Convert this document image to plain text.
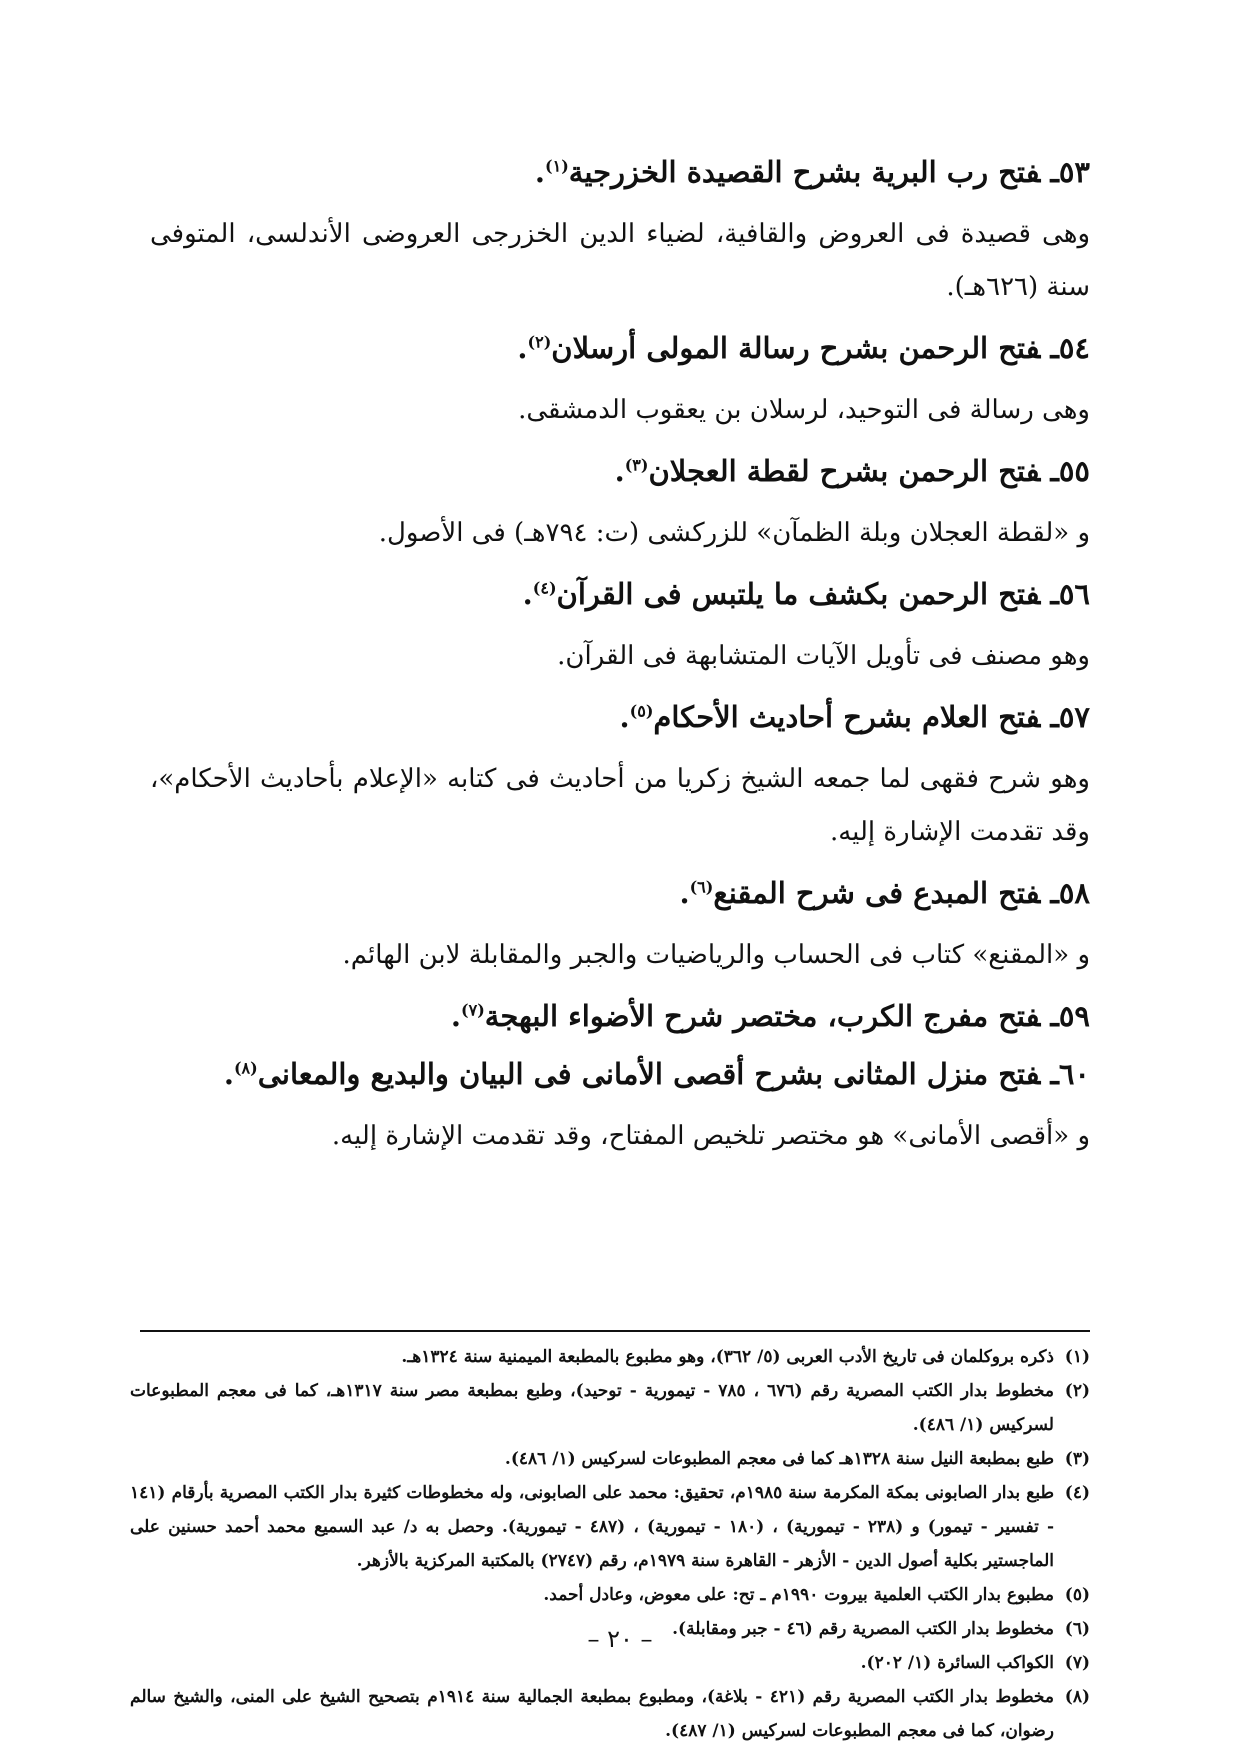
٥٣ـفتح رب البرية بشرح القصيدة الخزرجية$^{(١)}$.

وهى قصيدة فى العروض والقافية، لضياء الدين الخزرجى العروضى الأندلسى، المتوفى سنة (٦٢٦هـ).

٥٤ـفتح الرحمن بشرح رسالة المولى أرسلان$^{(٢)}$.

وهى رسالة فى التوحيد، لرسلان بن يعقوب الدمشقى.

٥٥ـفتح الرحمن بشرح لقطة العجلان$^{(٣)}$.

و «لقطة العجلان وبلة الظمآن» للزركشى (ت: ٧٩٤هـ) فى الأصول.

٥٦ـفتح الرحمن بكشف ما يلتبس فى القرآن$^{(٤)}$.

وهو مصنف فى تأويل الآيات المتشابهة فى القرآن.

٥٧ـفتح العلام بشرح أحاديث الأحكام$^{(٥)}$.

وهو شرح فقهى لما جمعه الشيخ زكريا من أحاديث فى كتابه «الإعلام بأحاديث الأحكام»، وقد تقدمت الإشارة إليه.

٥٨ـفتح المبدع فى شرح المقنع$^{(٦)}$.

و «المقنع» كتاب فى الحساب والرياضيات والجبر والمقابلة لابن الهائم.

٥٩ـفتح مفرج الكرب، مختصر شرح الأضواء البهجة$^{(٧)}$.
٦٠ـفتح منزل المثانى بشرح أقصى الأمانى فى البيان والبديع والمعانى$^{(٨)}$.

و «أقصى الأمانى» هو مختصر تلخيص المفتاح، وقد تقدمت الإشارة إليه.

(١)
ذكره بروكلمان فى تاريخ الأدب العربى (٥/ ٣٦٢)، وهو مطبوع بالمطبعة الميمنية سنة ١٣٢٤هـ.
(٢)
مخطوط بدار الكتب المصرية رقم (٦٧٦ ، ٧٨٥ - تيمورية - توحيد)، وطبع بمطبعة مصر سنة ١٣١٧هـ، كما فى معجم المطبوعات لسركيس (١/ ٤٨٦).
(٣)
طبع بمطبعة النيل سنة ١٣٢٨هـ كما فى معجم المطبوعات لسركيس (١/ ٤٨٦).
(٤)
طبع بدار الصابونى بمكة المكرمة سنة ١٩٨٥م، تحقيق: محمد على الصابونى، وله مخطوطات كثيرة بدار الكتب المصرية بأرقام (١٤١ - تفسير - تيمور) و (٢٣٨ - تيمورية) ، (١٨٠ - تيمورية) ، (٤٨٧ - تيمورية). وحصل به د/ عبد السميع محمد أحمد حسنين على الماجستير بكلية أصول الدين - الأزهر - القاهرة سنة ١٩٧٩م، رقم (٢٧٤٧) بالمكتبة المركزية بالأزهر.
(٥)
مطبوع بدار الكتب العلمية بيروت ١٩٩٠م ـ تح: على معوض، وعادل أحمد.
(٦)
مخطوط بدار الكتب المصرية رقم (٤٦ - جبر ومقابلة).
(٧)
الكواكب السائرة (١/ ٢٠٢).
(٨)
مخطوط بدار الكتب المصرية رقم (٤٢١ - بلاغة)، ومطبوع بمطبعة الجمالية سنة ١٩١٤م بتصحيح الشيخ على المنى، والشيخ سالم رضوان، كما فى معجم المطبوعات لسركيس (١/ ٤٨٧).
– ٢٠ –
